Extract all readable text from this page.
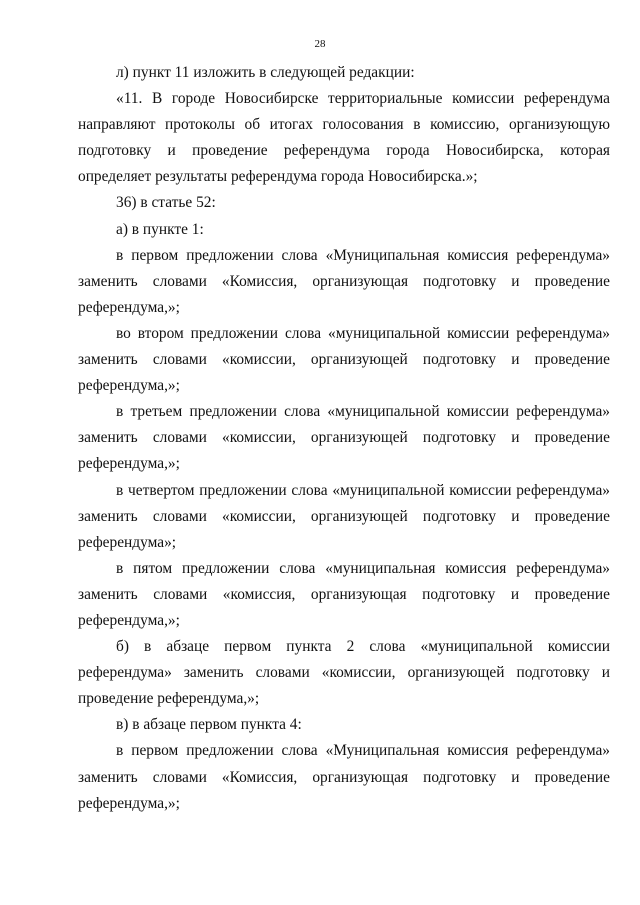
28

л) пункт 11 изложить в следующей редакции:

«11. В городе Новосибирске территориальные комиссии референдума направляют протоколы об итогах голосования в комиссию, организующую подготовку и проведение референдума города Новосибирска, которая определяет результаты референдума города Новосибирска.»;

36) в статье 52:

а) в пункте 1:

в первом предложении слова «Муниципальная комиссия референдума» заменить словами «Комиссия, организующая подготовку и проведение референдума,»;

во втором предложении слова «муниципальной комиссии референдума» заменить словами «комиссии, организующей подготовку и проведение референдума,»;

в третьем предложении слова «муниципальной комиссии референдума» заменить словами «комиссии, организующей подготовку и проведение референдума,»;

в четвертом предложении слова «муниципальной комиссии референдума» заменить словами «комиссии, организующей подготовку и проведение референдума»;

в пятом предложении слова «муниципальная комиссия референдума» заменить словами «комиссия, организующая подготовку и проведение референдума,»;

б) в абзаце первом пункта 2 слова «муниципальной комиссии референдума» заменить словами «комиссии, организующей подготовку и проведение референдума,»;

в) в абзаце первом пункта 4:

в первом предложении слова «Муниципальная комиссия референдума» заменить словами «Комиссия, организующая подготовку и проведение референдума,»;
